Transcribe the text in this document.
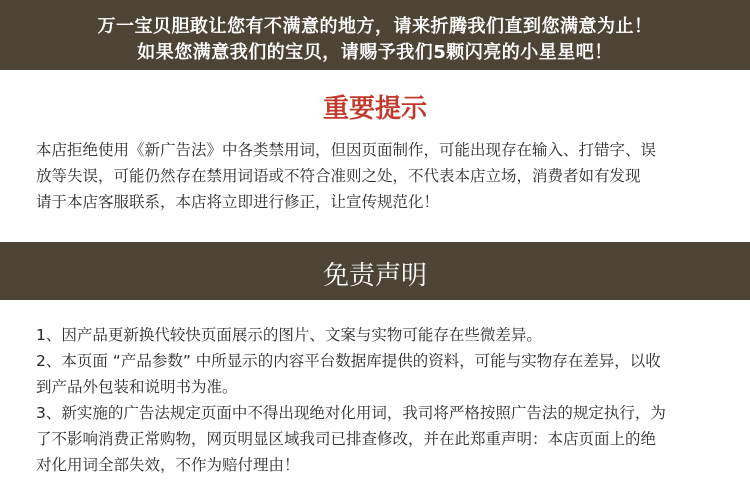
万一宝贝胆敢让您有不满意的地方，请来折腾我们直到您满意为止！
如果您满意我们的宝贝，请赐予我们5颗闪亮的小星星吧！
重要提示
本店拒绝使用《新广告法》中各类禁用词，但因页面制作，可能出现存在输入、打错字、误
放等失误，可能仍然存在禁用词语或不符合准则之处，不代表本店立场，消费者如有发现
请于本店客服联系，本店将立即进行修正，让宣传规范化！
免责声明
1、因产品更新换代较快页面展示的图片、文案与实物可能存在些微差异。
2、本页面 “产品参数” 中所显示的内容平台数据库提供的资料，可能与实物存在差异，以收
到产品外包装和说明书为准。
3、新实施的广告法规定页面中不得出现绝对化用词，我司将严格按照广告法的规定执行，为
了不影响消费正常购物，网页明显区域我司已排查修改，并在此郑重声明：本店页面上的绝
对化用词全部失效，不作为赔付理由！
